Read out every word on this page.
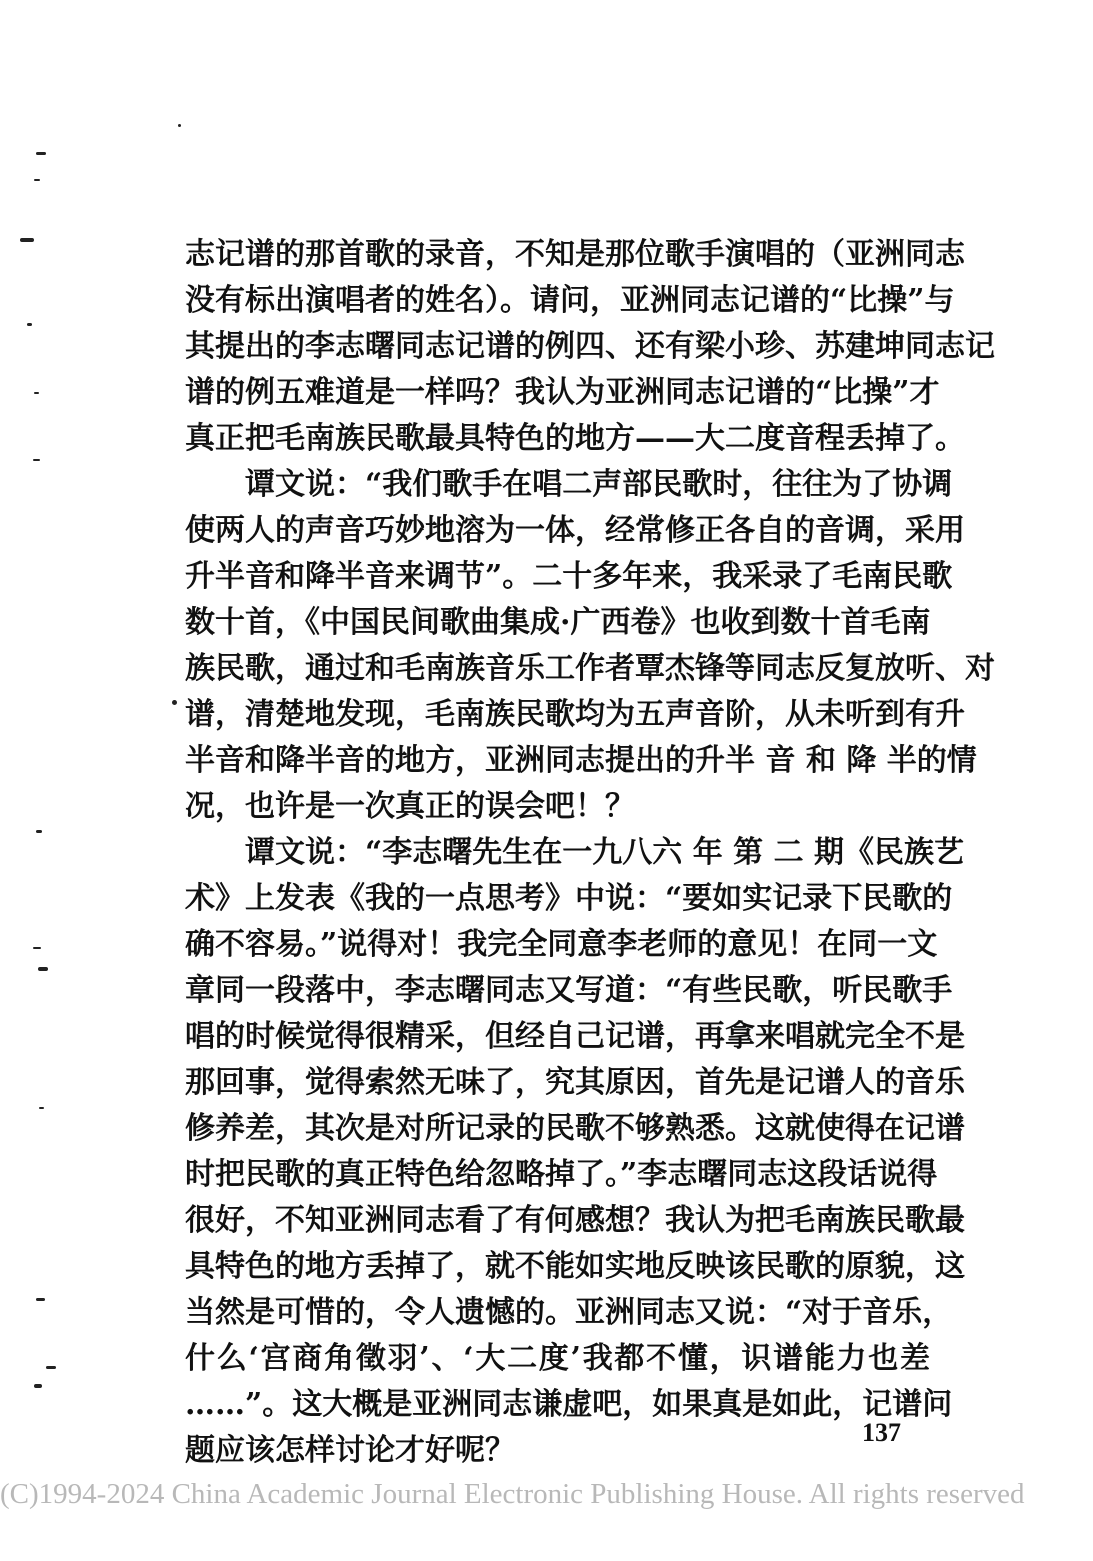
志记谱的那首歌的录音，不知是那位歌手演唱的（亚洲同志
没有标出演唱者的姓名）。请问，亚洲同志记谱的“比操”与
其提出的李志曙同志记谱的例四、还有梁小珍、苏建坤同志记
谱的例五难道是一样吗？我认为亚洲同志记谱的“比操”才
真正把毛南族民歌最具特色的地方——大二度音程丢掉了。
谭文说：“我们歌手在唱二声部民歌时，往往为了协调
使两人的声音巧妙地溶为一体，经常修正各自的音调，采用
升半音和降半音来调节”。二十多年来，我采录了毛南民歌
数十首，《中国民间歌曲集成·广西卷》也收到数十首毛南
族民歌，通过和毛南族音乐工作者覃杰锋等同志反复放听、对
谱，清楚地发现，毛南族民歌均为五声音阶，从未听到有升
半音和降半音的地方，亚洲同志提出的升半 音 和 降 半的情
况，也许是一次真正的误会吧！？
谭文说：“李志曙先生在一九八六 年 第 二 期《民族艺
术》上发表《我的一点思考》中说：“要如实记录下民歌的
确不容易。”说得对！我完全同意李老师的意见！在同一文
章同一段落中，李志曙同志又写道：“有些民歌，听民歌手
唱的时候觉得很精采，但经自己记谱，再拿来唱就完全不是
那回事，觉得索然无味了，究其原因，首先是记谱人的音乐
修养差，其次是对所记录的民歌不够熟悉。这就使得在记谱
时把民歌的真正特色给忽略掉了。”李志曙同志这段话说得
很好，不知亚洲同志看了有何感想？我认为把毛南族民歌最
具特色的地方丢掉了，就不能如实地反映该民歌的原貌，这
当然是可惜的，令人遗憾的。亚洲同志又说：“对于音乐，
什么‘宫商角徵羽’、‘大二度’我都不懂，识谱能力也差
……”。这大概是亚洲同志谦虚吧，如果真是如此，记谱问
题应该怎样讨论才好呢？
137
(C)1994-2024 China Academic Journal Electronic Publishing House. All rights reserved
